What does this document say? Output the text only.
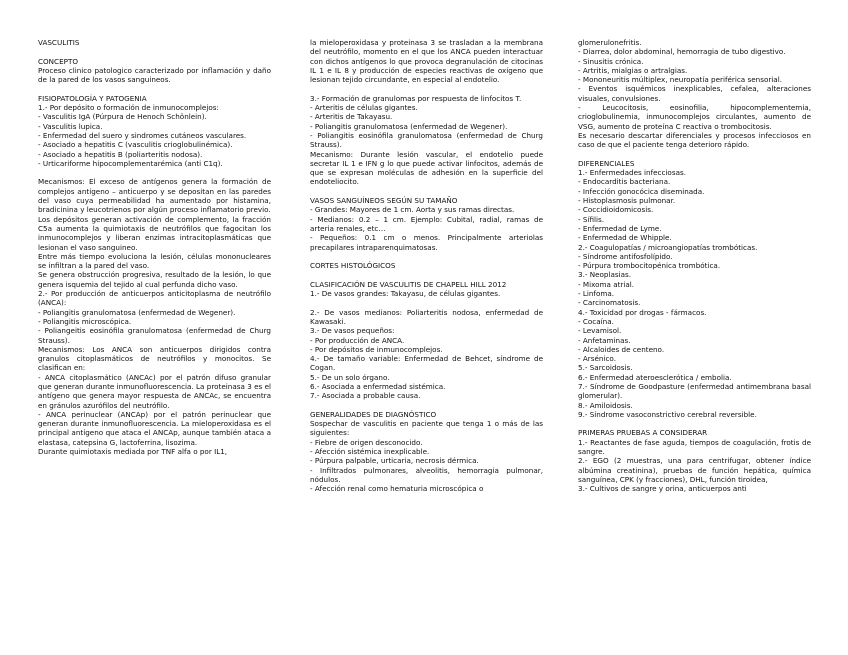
VASCULITIS
CONCEPTO

Proceso clinico patologico caracterizado por inflamación y daño de la pared de los vasos sanguineos.

FISIOPATOLOGÍA Y PATOGENIA

1.- Por depósito o formación de inmunocomplejos:

- Vasculitis IgA (Púrpura de Henoch Schönlein).

- Vasculitis lupica.

- Enfermedad del suero y sindromes cutáneos vasculares.

- Asociado a hepatitis C (vasculitis crioglobulinémica).

- Asociado a hepatitis B (poliarteritis nodosa).

- Urticariforme hipocomplementarémica (anti C1q).

Mecanismos: El exceso de antígenos genera la formación de complejos antígeno – anticuerpo y se depositan en las paredes del vaso cuya permeabilidad ha aumentado por histamina, bradicinina y leucotrienos por algún proceso inflamatorio previo.

Los depósitos generan activación de complemento, la fracción C5a aumenta la quimiotaxis de neutrófilos que fagocitan los inmunocomplejos y liberan enzimas intracitoplasmáticas que lesionan el vaso sanguineo.

Entre más tiempo evoluciona la lesión, células mononucleares se infiltran a la pared del vaso.

Se genera obstrucción progresiva, resultado de la lesión, lo que genera isquemia del tejido al cual perfunda dicho vaso.

2.- Por producción de anticuerpos anticitoplasma de neutrófilo (ANCA):

- Poliangitis granulomatosa (enfermedad de Wegener).

- Poliangitis microscópica.

- Poliangeitis eosinófila granulomatosa (enfermedad de Churg Strauss).

Mecanismos: Los ANCA son anticuerpos dirigidos contra granulos citoplasmáticos de neutrófilos y monocitos. Se clasifican en:

- ANCA citoplasmático (ANCAc) por el patrón difuso granular que generan durante inmunofluorescencia. La proteinasa 3 es el antígeno que genera mayor respuesta de ANCAc, se encuentra en gránulos azurófilos del neutrófilo.

- ANCA perinuclear (ANCAp) por el patrón perinuclear que generan durante inmunofluorescencia. La mieloperoxidasa es el principal antígeno que ataca el ANCAp, aunque también ataca a elastasa, catepsina G, lactoferrina, lisozima.

Durante quimiotaxis mediada por TNF alfa o por IL1,

la mieloperoxidasa y proteinasa 3 se trasladan a la membrana del neutrófilo, momento en el que los ANCA pueden interactuar con dichos antígenos lo que provoca degranulación de citocinas IL 1 e IL 8 y producción de especies reactivas de oxígeno que lesionan tejido circundante, en especial al endotelio.

3.- Formación de granulomas por respuesta de linfocitos T.

- Arteritis de células gigantes.

- Arteritis de Takayasu.

- Poliangitis granulomatosa (enfermedad de Wegener).

- Poliangitis eosinófila granulomatosa (enfermedad de Churg Strauss).

Mecanismo: Durante lesión vascular, el endotelio puede secretar IL 1 e IFN g lo que puede activar linfocitos, además de que se expresan moléculas de adhesión en la superficie del endoteliocito.

VASOS SANGUÍNEOS SEGÚN SU TAMAÑO

- Grandes: Mayores de 1 cm. Aorta y sus ramas directas.

- Medianos: 0.2 – 1 cm. Ejemplo: Cubital, radial, ramas de arteria renales, etc…

- Pequeños: 0.1 cm o menos. Principalmente arteriolas precapilares intraparenquimatosas.

CORTES HISTOLÓGICOS
CLASIFICACIÓN DE VASCULITIS DE CHAPELL HILL 2012

1.- De vasos grandes: Takayasu, de células gigantes.

2.- De vasos medianos: Poliarteritis nodosa, enfermedad de Kawasaki.

3.- De vasos pequeños:

- Por producción de ANCA.

- Por depósitos de inmunocomplejos.

4.- De tamaño variable: Enfermedad de Behcet, síndrome de Cogan.

5.- De un solo órgano.

6.- Asociada a enfermedad sistémica.

7.- Asociada a probable causa.

GENERALIDADES DE DIAGNÓSTICO

Sospechar de vasculitis en paciente que tenga 1 o más de las siguientes:

- Fiebre de origen desconocido.

- Afección sistémica inexplicable.

- Púrpura palpable, urticaria, necrosis dérmica.

- Infiltrados pulmonares, alveolitis, hemorragia pulmonar, nódulos.

- Afección renal como hematuria microscópica o

glomerulonefritis.

- Diarrea, dolor abdominal, hemorragia de tubo digestivo.

- Sinusitis crónica.

- Artritis, mialgias o artralgias.

- Mononeuritis múltiplex, neuropatía periférica sensorial.

- Eventos isquémicos inexplicables, cefalea, alteraciones visuales, convulsiones.

- Leucocitosis, eosinofilia, hipocomplementemia, crioglobulinemia, inmunocomplejos circulantes, aumento de VSG, aumento de proteína C reactiva o trombocitosis.

Es necesario descartar diferenciales y procesos infecciosos en caso de que el paciente tenga deterioro rápido.

DIFERENCIALES

1.- Enfermedades infecciosas.

- Endocarditis bacteriana.

- Infección gonocócica diseminada.

- Histoplasmosis pulmonar.

- Coccidioidomicosis.

- Sífilis.

- Enfermedad de Lyme.

- Enfermedad de Whipple.

2.- Coagulopatías / microangiopatías trombóticas.

- Síndrome antifosfolípido.

- Púrpura trombocitopénica trombótica.

3.- Neoplasias.

- Mixoma atrial.

- Linfoma.

- Carcinomatosis.

4.- Toxicidad por drogas - fármacos.

- Cocaína.

- Levamisol.

- Anfetaminas.

- Alcaloides de centeno.

- Arsénico.

5.- Sarcoidosis.

6.- Enfermedad ateroesclerótica / embolia.

7.- Síndrome de Goodpasture (enfermedad antimembrana basal glomerular).

8.- Amiloidosis.

9.- Síndrome vasoconstrictivo cerebral reversible.

PRIMERAS PRUEBAS A CONSIDERAR

1.- Reactantes de fase aguda, tiempos de coagulación, frotis de sangre.

2.- EGO (2 muestras, una para centrifugar, obtener índice albúmina creatinina), pruebas de función hepática, química sanguínea, CPK (y fracciones), DHL, función tiroidea,

3.- Cultivos de sangre y orina, anticuerpos anti
